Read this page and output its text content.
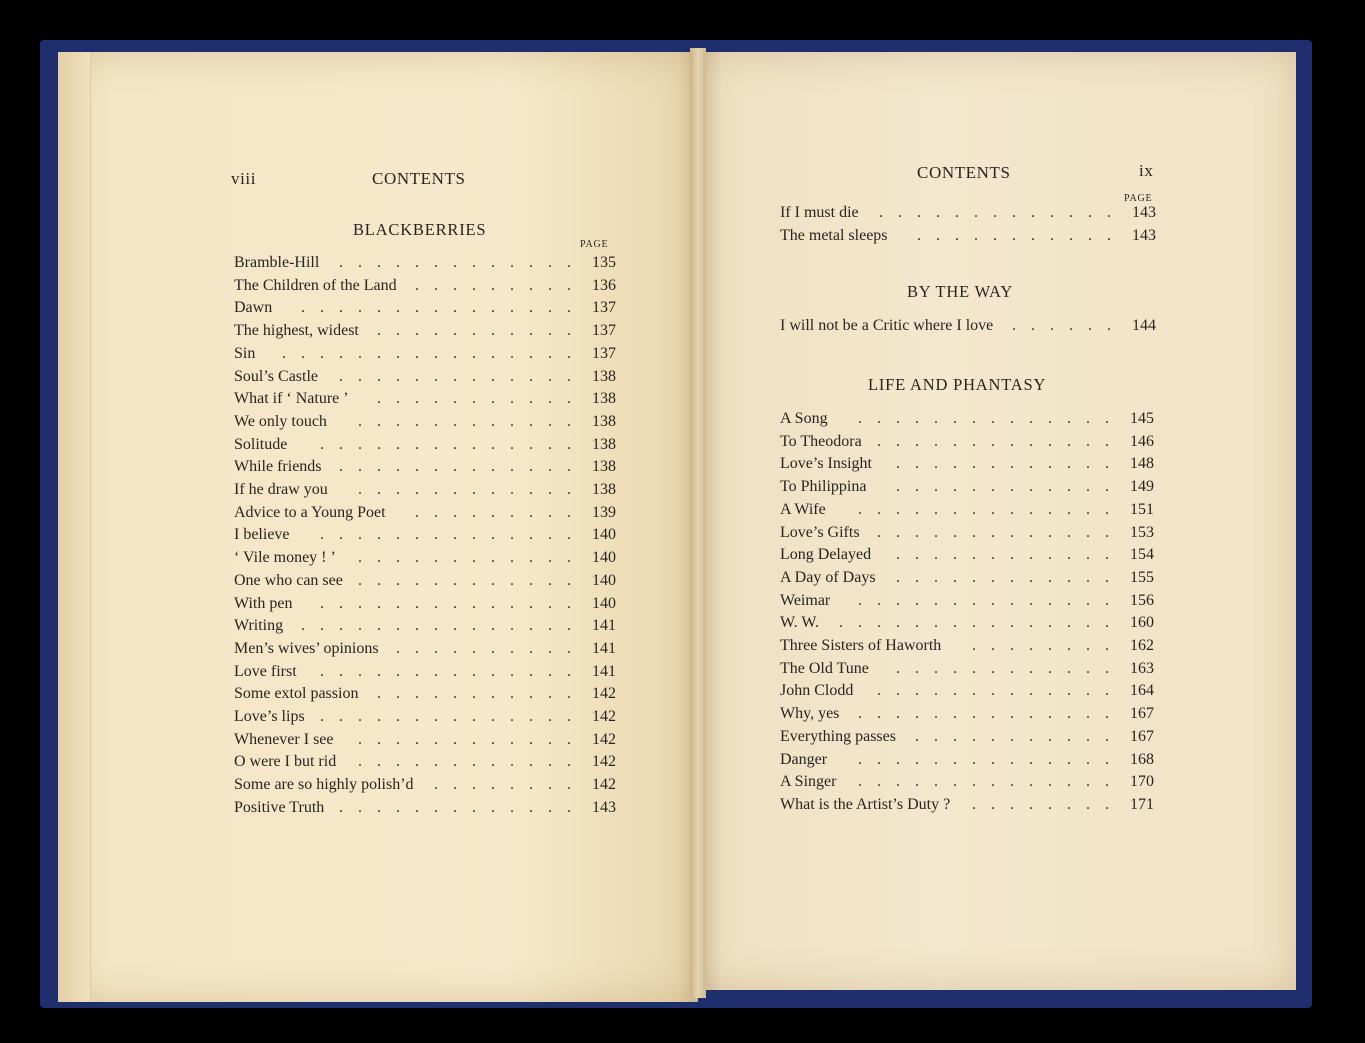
viii	CONTENTS
BLACKBERRIES
PAGE
Bramble-Hill	135
.............
The Children of the Land	136
.........
Dawn	137
...............
The highest, widest	137
...........
Sin	137
................
Soul’s Castle	138
.............
What if ‘ Nature ’	138
...........
We only touch	138
............
Solitude	138
..............
While friends	138
.............
If he draw you	138
............
Advice to a Young Poet	139
.........
I believe	140
..............
‘ Vile money ! ’	140
............
One who can see	140
............
With pen	140
..............
Writing	141
...............
Men’s wives’ opinions	141
..........
Love first	141
..............
Some extol passion	142
...........
Love’s lips	142
..............
Whenever I see	142
............
O were I but rid	142
............
Some are so highly polish’d	142
........
Positive Truth	143
.............
CONTENTS	ix
PAGE
If I must die	143
.............
The metal sleeps	143
...........
BY THE WAY
I will not be a Critic where I love	144
......
LIFE AND PHANTASY
A Song	145
..............
To Theodora	146
.............
Love’s Insight	148
............
To Philippina	149
............
A Wife	151
..............
Love’s Gifts	153
.............
Long Delayed	154
............
A Day of Days	155
............
Weimar	156
..............
W. W.	160
...............
Three Sisters of Haworth	162
........
The Old Tune	163
............
John Clodd	164
.............
Why, yes	167
..............
Everything passes	167
...........
Danger	168
..............
A Singer	170
..............
What is the Artist’s Duty ?	171
........
